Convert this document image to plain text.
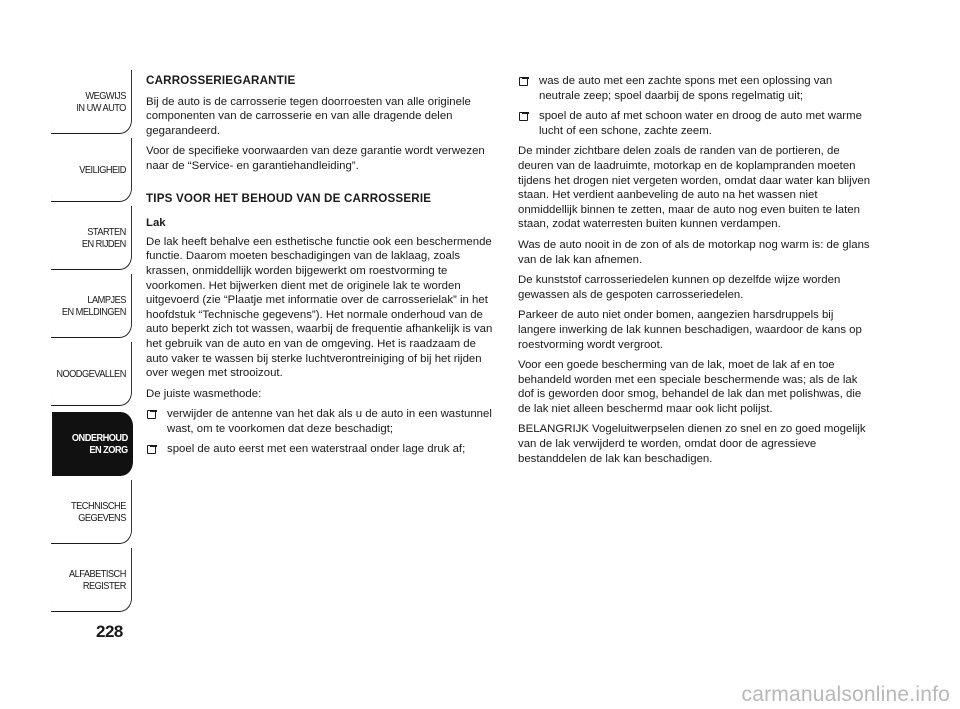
WEGWIJS
IN UW AUTO
VEILIGHEID
STARTEN
EN RIJDEN
LAMPJES
EN MELDINGEN
NOODGEVALLEN
ONDERHOUD
EN ZORG
TECHNISCHE
GEGEVENS
ALFABETISCH
REGISTER
228

CARROSSERIEGARANTIE

Bij de auto is de carrosserie tegen doorroesten van alle originele componenten van de carrosserie en van alle dragende delen gegarandeerd.

Voor de specifieke voorwaarden van deze garantie wordt verwezen naar de “Service- en garantiehandleiding”.

TIPS VOOR HET BEHOUD VAN DE CARROSSERIE

Lak

De lak heeft behalve een esthetische functie ook een beschermende functie. Daarom moeten beschadigingen van de laklaag, zoals krassen, onmiddellijk worden bijgewerkt om roestvorming te voorkomen. Het bijwerken dient met de originele lak te worden uitgevoerd (zie “Plaatje met informatie over de carrosserielak” in het hoofdstuk “Technische gegevens”). Het normale onderhoud van de auto beperkt zich tot wassen, waarbij de frequentie afhankelijk is van het gebruik van de auto en van de omgeving. Het is raadzaam de auto vaker te wassen bij sterke luchtverontreiniging of bij het rijden over wegen met strooizout.

De juiste wasmethode:

verwijder de antenne van het dak als u de auto in een wastunnel wast, om te voorkomen dat deze beschadigt;
spoel de auto eerst met een waterstraal onder lage druk af;
was de auto met een zachte spons met een oplossing van neutrale zeep; spoel daarbij de spons regelmatig uit;
spoel de auto af met schoon water en droog de auto met warme lucht of een schone, zachte zeem.

De minder zichtbare delen zoals de randen van de portieren, de deuren van de laadruimte, motorkap en de koplampranden moeten tijdens het drogen niet vergeten worden, omdat daar water kan blijven staan. Het verdient aanbeveling de auto na het wassen niet onmiddellijk binnen te zetten, maar de auto nog even buiten te laten staan, zodat waterresten buiten kunnen verdampen.

Was de auto nooit in de zon of als de motorkap nog warm is: de glans van de lak kan afnemen.

De kunststof carrosseriedelen kunnen op dezelfde wijze worden gewassen als de gespoten carrosseriedelen.

Parkeer de auto niet onder bomen, aangezien harsdruppels bij langere inwerking de lak kunnen beschadigen, waardoor de kans op roestvorming wordt vergroot.

Voor een goede bescherming van de lak, moet de lak af en toe behandeld worden met een speciale beschermende was; als de lak dof is geworden door smog, behandel de lak dan met polishwas, die de lak niet alleen beschermd maar ook licht polijst.

BELANGRIJK Vogeluitwerpselen dienen zo snel en zo goed mogelijk van de lak verwijderd te worden, omdat door de agressieve bestanddelen de lak kan beschadigen.

carmanualsonline.info
